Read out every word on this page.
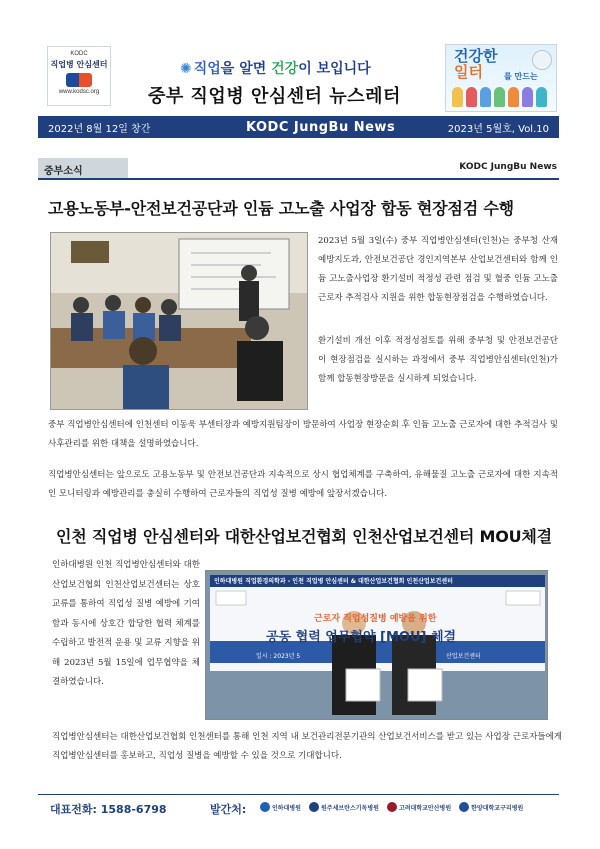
KODC
직업병 안심센터
www.kodsc.org
✺ 직업을 알면 건강이 보입니다
중부 직업병 안심센터 뉴스레터
건강한
일터	를 만드는
2022년 8월 12일 창간	KODC JungBu News	2023년 5월호, Vol.10
중부소식	KODC JungBu News
고용노동부-안전보건공단과 인듐 고노출 사업장 합동 현장점검 수행
2023년 5월 3일(수) 중부 직업병안심센터(인천)는 중부청 산재예방지도과, 안전보건공단 경인지역본부 산업보건센터와 함께 인듐 고노출사업장 환기설비 적정성 관련 점검 및 혈중 인듐 고노출 근로자 추적검사 지원을 위한 합동현장점검을 수행하였습니다.
환기설비 개선 이후 적정성점토를 위해 중부청 및 안전보건공단이 현장점검을 실시하는 과정에서 중부 직업병안심센터(인천)가 함께 합동현장방문을 실시하게 되었습니다.
중부 직업병안심센터에 인천센터 이동욱 부센터장과 예방지원팀장이 방문하여 사업장 현장순회 후 인듐 고노출 근로자에 대한 추적검사 및 사후관리를 위한 대책을 설명하였습니다.
직업병안심센터는 앞으로도 고용노동부 및 안전보건공단과 지속적으로 상시 협업체계를 구축하여, 유해물질 고노출 근로자에 대한 지속적인 모니터링과 예방관리를 충실히 수행하여 근로자들의 직업성 질병 예방에 앞장서겠습니다.
인천 직업병 안심센터와 대한산업보건협회 인천산업보건센터 MOU체결
인하대병원 인천 직업병안심센터와 대한산업보건협회 인천산업보건센터는 상호교류를 통하여 직업성 질병 예방에 기여함과 동시에 상호간 합당한 협력 체계를 수립하고 발전적 운용 및 교류 지향을 위해 2023년 5월 15일에 업무협약을 체결하였습니다.
인하대병원 직업환경의학과 - 인천 직업병 안심센터 & 대한산업보건협회 인천산업보건센터
근로자 직업성질병 예방을 위한
공동 협력 업무협약 [MOU] 체결
일시 : 2023년 5	산업보건센터
직업병안심센터는 대한산업보건협회 인천센터를 통해 인천 지역 내 보건관리전문기관의 산업보건서비스를 받고 있는 사업장 근로자들에게 직업병안심센터를 홍보하고, 직업성 질병을 예방할 수 있을 것으로 기대합니다.
대표전화: 1588-6798	발간처:	인하대병원	원주세브란스기독병원	고려대학교안산병원	한양대학교구리병원
